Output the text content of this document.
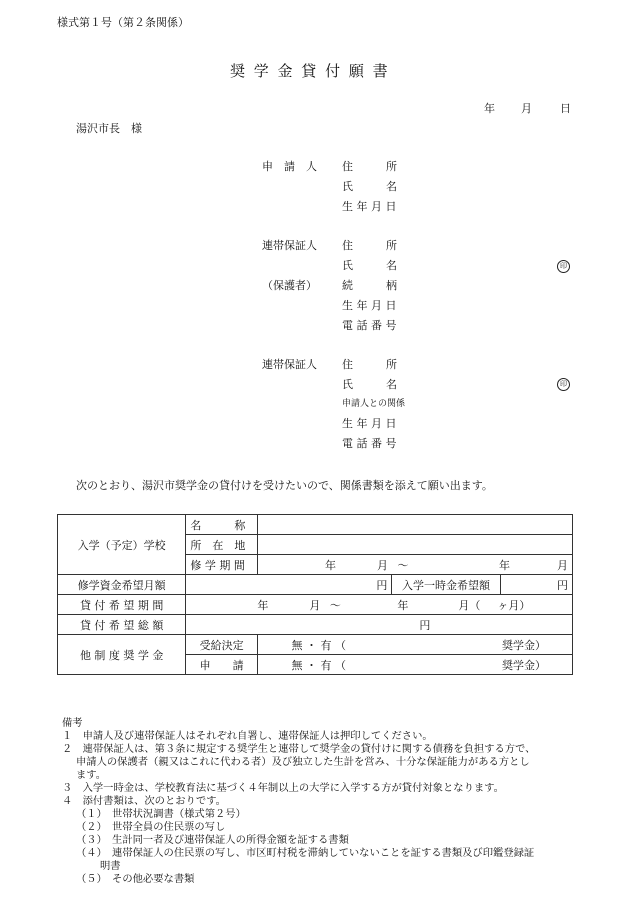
様式第１号（第２条関係）
奨 学 金 貸 付 願 書
年 月	日
湯沢市長　様
申　請　人 住　　　所
氏　　　名
生 年 月 日
連帯保証人 住　　　所
氏　　　名	印
（保護者） 続　　　柄
生 年 月 日
電 話 番 号
連帯保証人 住　　　所
氏　　　名	印
申請人との関係
生 年 月 日
電 話 番 号
次のとおり、湯沢市奨学金の貸付けを受けたいので、関係書類を添えて願い出ます。
入学（予定）学校	名　　　称			
	所　在　地			
	修 学 期 間	年 月 ～ 年 月		
修学資金希望月額	円		入学一時金希望額	円
貸 付 希 望 期 間	年 月 ～ 年 月（ ヶ月）			
貸 付 希 望 総 額	円			
他 制 度 奨 学 金	受給決定	無 ・ 有 （ 奨学金）		
	申　　請	無 ・ 有 （ 奨学金）		
備考
１　申請人及び連帯保証人はそれぞれ自署し、連帯保証人は押印してください。
２　連帯保証人は、第３条に規定する奨学生と連帯して奨学金の貸付けに関する債務を負担する方で、
申請人の保護者（親又はこれに代わる者）及び独立した生計を営み、十分な保証能力がある方とし
ます。
３　入学一時金は、学校教育法に基づく４年制以上の大学に入学する方が貸付対象となります。
４　添付書類は、次のとおりです。
（１）　世帯状況調書（様式第２号）
（２）　世帯全員の住民票の写し
（３）　生計同一者及び連帯保証人の所得金額を証する書類
（４）　連帯保証人の住民票の写し、市区町村税を滞納していないことを証する書類及び印鑑登録証
明書
（５）　その他必要な書類
